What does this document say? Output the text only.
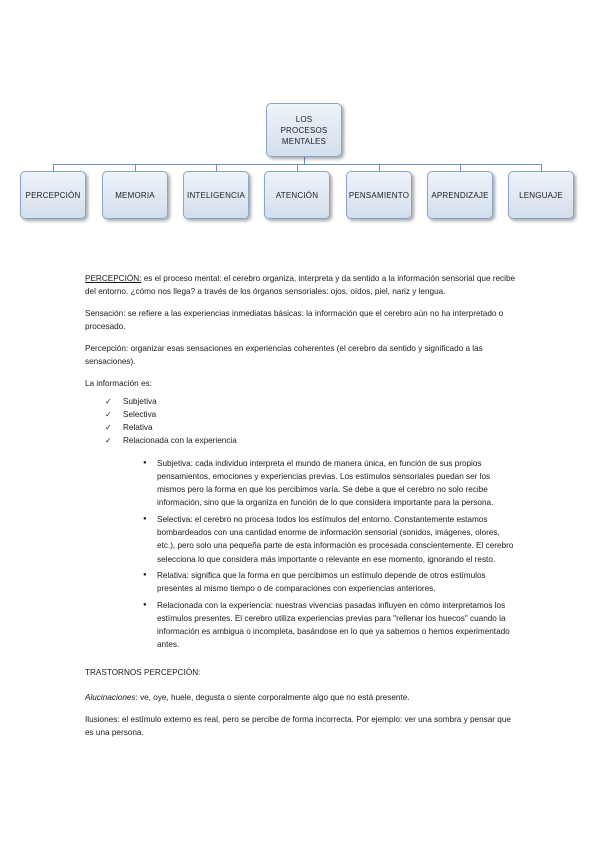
LOS PROCESOS MENTALES
PERCEPCIÓN	MEMORIA	INTELIGENCIA	ATENCIÓN	PENSAMIENTO	APRENDIZAJE	LENGUAJE

PERCEPCIÓN: es el proceso mental: el cerebro organiza, interpreta y da sentido a la información sensorial que recibe del entorno. ¿cómo nos llega? a través de los órganos sensoriales: ojos, oídos, piel, nariz y lengua.

Sensación: se refiere a las experiencias inmediatas básicas: la información que el cerebro aún no ha interpretado o procesado.

Percepción: organizar esas sensaciones en experiencias coherentes (el cerebro da sentido y significado a las sensaciones).

La información es:

✓ Subjetiva
✓ Selectiva
✓ Relativa
✓ Relacionada con la experiencia
● Subjetiva: cada individuo interpreta el mundo de manera única, en función de sus propios pensamientos, emociones y experiencias previas. Los estímulos sensoriales puedan ser los mismos pero la forma en que los percibimos varía. Se debe a que el cerebro no solo recibe información, sino que la organiza en función de lo que considera importante para la persona.
● Selectiva: el cerebro no procesa todos los estímulos del entorno. Constantemente estamos bombardeados con una cantidad enorme de información sensorial (sonidos, imágenes, olores, etc.), pero solo una pequeña parte de esta información es procesada conscientemente. El cerebro selecciona lo que considera más importante o relevante en ese momento, ignorando el resto.
● Relativa: significa que la forma en que percibimos un estímulo depende de otros estímulos presentes al mismo tiempo o de comparaciones con experiencias anteriores.
● Relacionada con la experiencia: nuestras vivencias pasadas influyen en cómo interpretamos los estímulos presentes. El cerebro utiliza experiencias previas para "rellenar los huecos" cuando la información es ambigua o incompleta, basándose en lo que ya sabemos o hemos experimentado antes.

TRASTORNOS PERCEPCIÓN:

Alucinaciones: ve, oye, huele, degusta o siente corporalmente algo que no está presente.

Ilusiones: el estímulo externo es real, pero se percibe de forma incorrecta. Por ejemplo: ver una sombra y pensar que es una persona.
